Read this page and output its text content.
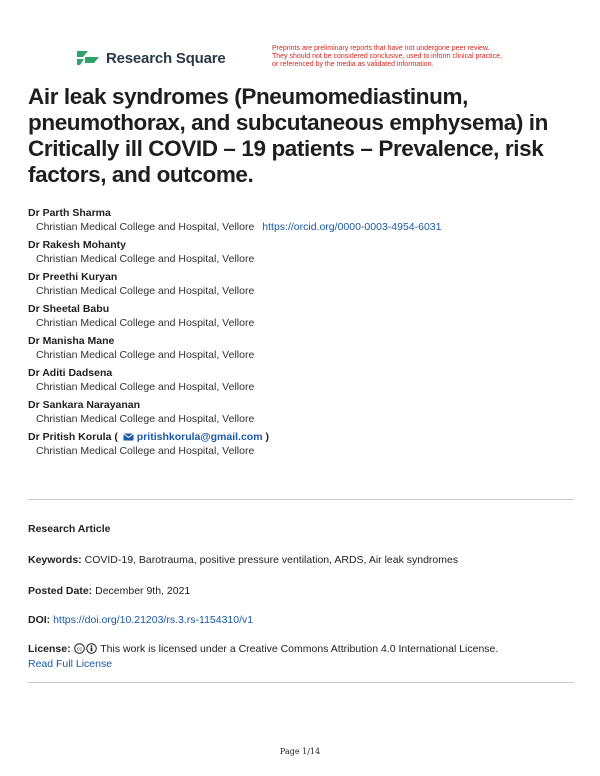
Research Square
Preprints are preliminary reports that have not undergone peer review.
They should not be considered conclusive, used to inform clinical practice,
or referenced by the media as validated information.
Air leak syndromes (Pneumomediastinum, pneumothorax, and subcutaneous emphysema) in Critically ill COVID – 19 patients – Prevalence, risk factors, and outcome.
Dr Parth Sharma
Christian Medical College and Hospital, Vellore https://orcid.org/0000-0003-4954-6031
Dr Rakesh Mohanty
Christian Medical College and Hospital, Vellore
Dr Preethi Kuryan
Christian Medical College and Hospital, Vellore
Dr Sheetal Babu
Christian Medical College and Hospital, Vellore
Dr Manisha Mane
Christian Medical College and Hospital, Vellore
Dr Aditi Dadsena
Christian Medical College and Hospital, Vellore
Dr Sankara Narayanan
Christian Medical College and Hospital, Vellore
Dr Pritish Korula ( pritishkorula@gmail.com )
Christian Medical College and Hospital, Vellore
Research Article
Keywords: COVID-19, Barotrauma, positive pressure ventilation, ARDS, Air leak syndromes
Posted Date: December 9th, 2021
DOI: https://doi.org/10.21203/rs.3.rs-1154310/v1
License: cc This work is licensed under a Creative Commons Attribution 4.0 International License.
Read Full License
Page 1/14
